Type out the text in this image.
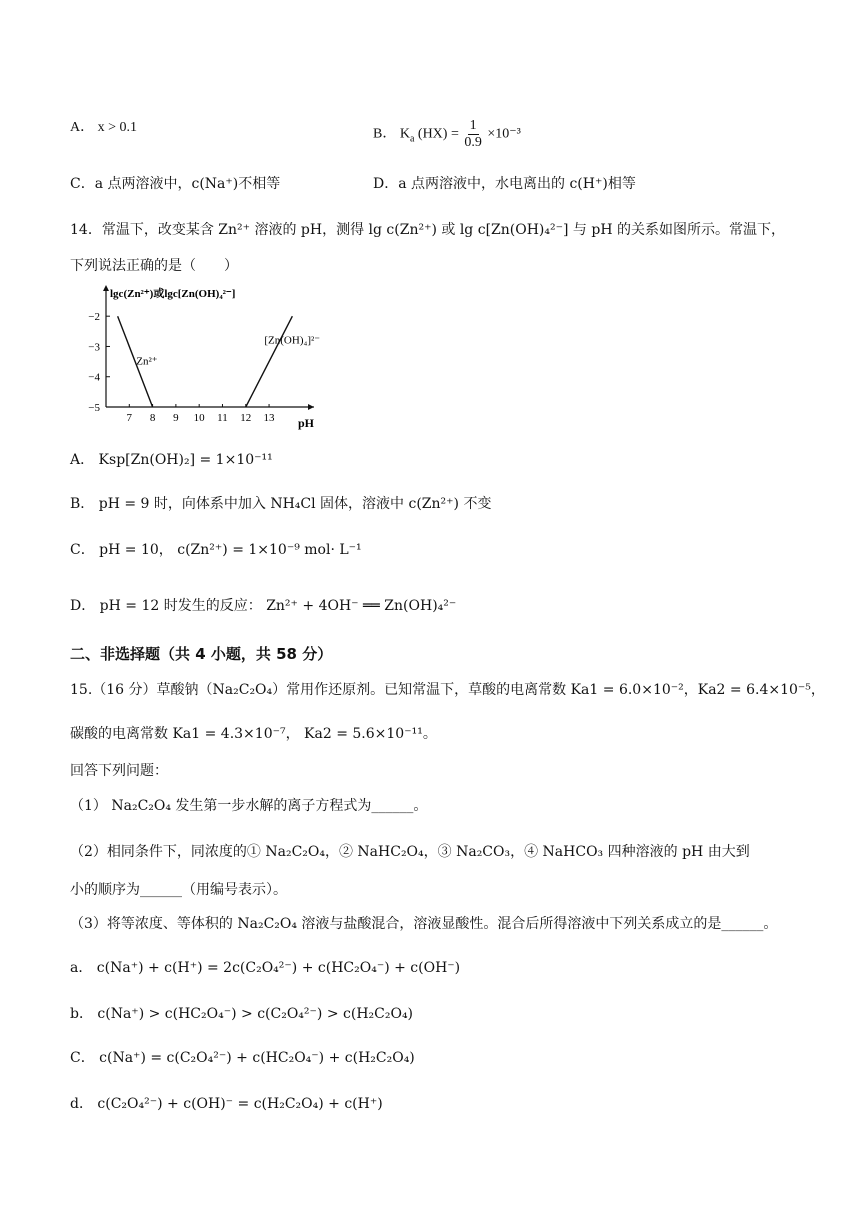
A． x > 0.1	B． $K_a$ $(HX) = \frac{1}{0.9} \times 10^{-3}$
C．a 点两溶液中，c(Na⁺)不相等	D．a 点两溶液中，水电离出的 c(H⁺)相等
14．常温下，改变某含 Zn²⁺ 溶液的 pH，测得 lg c(Zn²⁺) 或 lg c[Zn(OH)₄²⁻] 与 pH 的关系如图所示。常温下，
下列说法正确的是（　　）
lgc(Zn²⁺)或lgc[Zn(OH)₄²⁻]
pH
7 8 9 10 11 12 13
−2
−3
−4
−5
Zn²⁺
[Zn(OH)₄]²⁻
A． Ksp[Zn(OH)₂] = 1×10⁻¹¹
B． pH = 9 时，向体系中加入 NH₄Cl 固体，溶液中 c(Zn²⁺) 不变
C． pH = 10， c(Zn²⁺) = 1×10⁻⁹ mol· L⁻¹
D． pH = 12 时发生的反应： Zn²⁺ + 4OH⁻ ══ Zn(OH)₄²⁻
二、非选择题（共 4 小题，共 58 分）
15.（16 分）草酸钠（Na₂C₂O₄）常用作还原剂。已知常温下，草酸的电离常数 Ka1 = 6.0×10⁻²，Ka2 = 6.4×10⁻⁵，
碳酸的电离常数 Ka1 = 4.3×10⁻⁷， Ka2 = 5.6×10⁻¹¹。
回答下列问题：
（1） Na₂C₂O₄ 发生第一步水解的离子方程式为______。
（2）相同条件下，同浓度的① Na₂C₂O₄，② NaHC₂O₄，③ Na₂CO₃，④ NaHCO₃ 四种溶液的 pH 由大到
小的顺序为______（用编号表示）。
（3）将等浓度、等体积的 Na₂C₂O₄ 溶液与盐酸混合，溶液显酸性。混合后所得溶液中下列关系成立的是______。
a． c(Na⁺) + c(H⁺) = 2c(C₂O₄²⁻) + c(HC₂O₄⁻) + c(OH⁻)
b． c(Na⁺) > c(HC₂O₄⁻) > c(C₂O₄²⁻) > c(H₂C₂O₄)
C． c(Na⁺) = c(C₂O₄²⁻) + c(HC₂O₄⁻) + c(H₂C₂O₄)
d． c(C₂O₄²⁻) + c(OH)⁻ = c(H₂C₂O₄) + c(H⁺)
